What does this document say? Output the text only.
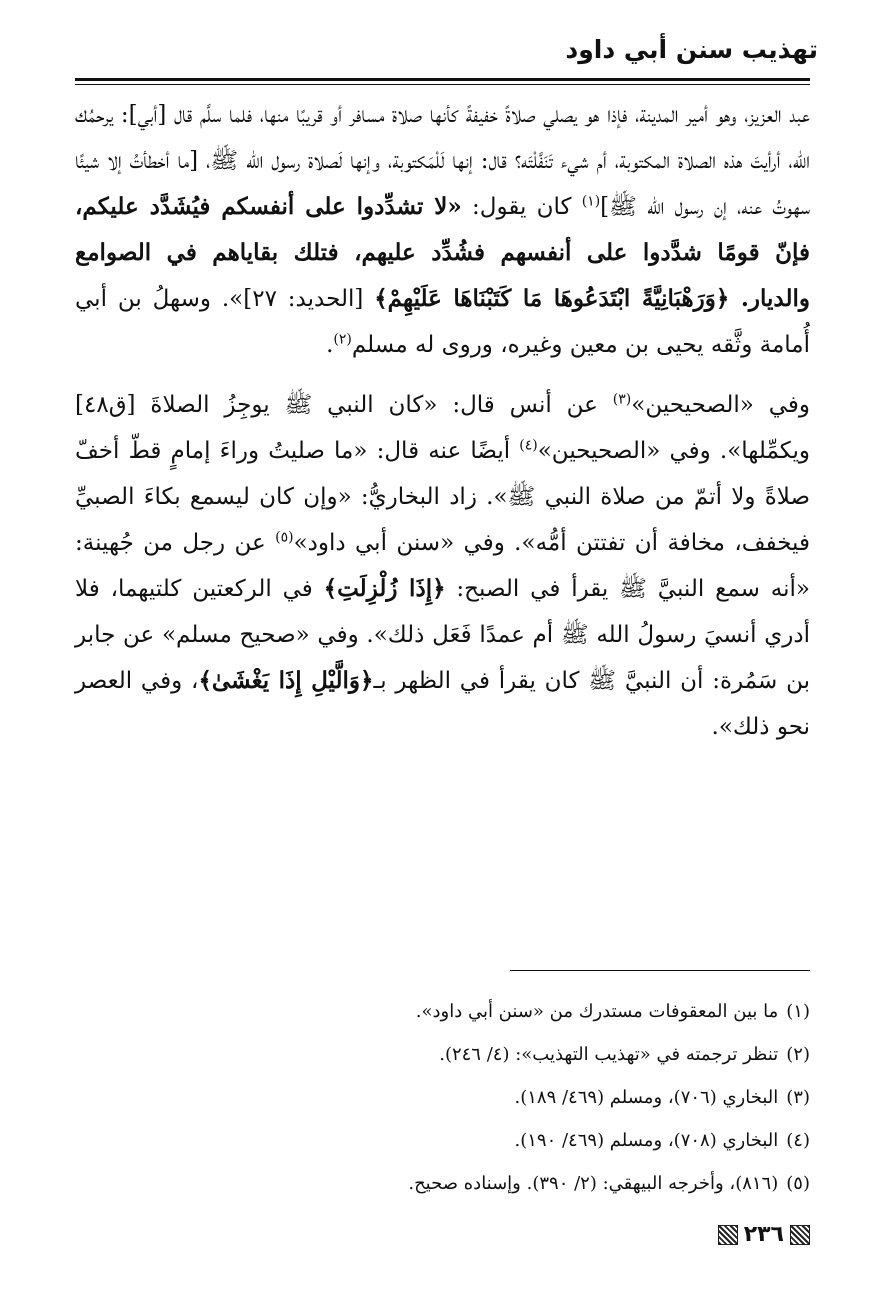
تهذيب سنن أبي داود

عبد العزيز، وهو أمير المدينة، فإذا هو يصلي صلاةً خفيفةً كأنها صلاة مسافر أو قريبًا منها، فلما سلَّم قال [أبي]: يرحمُك الله، أرأيتَ هذه الصلاة المكتوبة، أم شيء تَنَفَّلْتَه؟ قال: إنها لَلْمَكتوبة، وإنها لَصلاة رسول الله ﷺ، [ما أخطأتُ إلا شيئًا سهوتُ عنه، إن رسول الله ﷺ]$^{(١)}$ كان يقول: «لا تشدِّدوا على أنفسكم فيُشَدَّد عليكم، فإنّ قومًا شدَّدوا على أنفسهم فشُدِّد عليهم، فتلك بقاياهم في الصوامع والديار. ﴿وَرَهْبَانِيَّةً ابْتَدَعُوهَا مَا كَتَبْنَاهَا عَلَيْهِمْ﴾ [الحديد: ٢٧]». وسهلُ بن أبي أُمامة وثَّقه يحيى بن معين وغيره، وروى له مسلم$^{(٢)}$.

وفي «الصحيحين»$^{(٣)}$ عن أنس قال: «كان النبي ﷺ يوجِزُ الصلاةَ [ق٤٨] ويكمِّلها». وفي «الصحيحين»$^{(٤)}$ أيضًا عنه قال: «ما صليتُ وراءَ إمامٍ قطّ أخفّ صلاةً ولا أتمّ من صلاة النبي ﷺ». زاد البخاريُّ: «وإن كان ليسمع بكاءَ الصبيِّ فيخفف، مخافة أن تفتتن أمُّه». وفي «سنن أبي داود»$^{(٥)}$ عن رجل من جُهينة: «أنه سمع النبيَّ ﷺ يقرأ في الصبح: ﴿إِذَا زُلْزِلَتِ﴾ في الركعتين كلتيهما، فلا أدري أنسيَ رسولُ الله ﷺ أم عمدًا فَعَل ذلك». وفي «صحيح مسلم» عن جابر بن سَمُرة: أن النبيَّ ﷺ كان يقرأ في الظهر بـ﴿وَالَّيْلِ إِذَا يَغْشَىٰ﴾، وفي العصر نحو ذلك».

(١)ما بين المعقوفات مستدرك من «سنن أبي داود».
(٢)تنظر ترجمته في «تهذيب التهذيب»: (٤/ ٢٤٦).
(٣)البخاري (٧٠٦)، ومسلم (٤٦٩/ ١٨٩).
(٤)البخاري (٧٠٨)، ومسلم (٤٦٩/ ١٩٠).
(٥)(٨١٦)، وأخرجه البيهقي: (٢/ ٣٩٠). وإسناده صحيح.
٢٣٦
